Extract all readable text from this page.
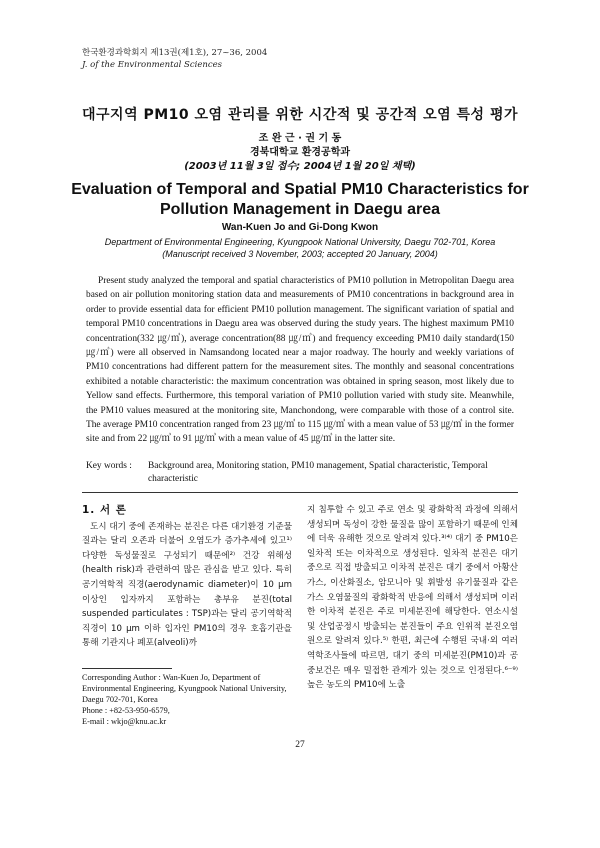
한국환경과학회지 제13권(제1호), 27~36, 2004
J. of the Environmental Sciences
대구지역 PM10 오염 관리를 위한 시간적 및 공간적 오염 특성 평가
조 완 근 · 권 기 동
경북대학교 환경공학과
(2003년 11월 3일 접수; 2004년 1월 20일 채택)
Evaluation of Temporal and Spatial PM10 Characteristics for
Pollution Management in Daegu area
Wan-Kuen Jo and Gi-Dong Kwon
Department of Environmental Engineering, Kyungpook National University, Daegu 702-701, Korea
(Manuscript received 3 November, 2003; accepted 20 January, 2004)

Present study analyzed the temporal and spatial characteristics of PM10 pollution in Metropolitan Daegu area based on air pollution monitoring station data and measurements of PM10 concentrations in background area in order to provide essential data for efficient PM10 pollution management. The significant variation of spatial and temporal PM10 concentrations in Daegu area was observed during the study years. The highest maximum PM10 concentration(332 ㎍/㎥), average concentration(88 ㎍/㎥) and frequency exceeding PM10 daily standard(150 ㎍/㎥) were all observed in Namsandong located near a major roadway. The hourly and weekly variations of PM10 concentrations had different pattern for the measurement sites. The monthly and seasonal concentrations exhibited a notable characteristic: the maximum concentration was obtained in spring season, most likely due to Yellow sand effects. Furthermore, this temporal variation of PM10 pollution varied with study site. Meanwhile, the PM10 values measured at the monitoring site, Manchondong, were comparable with those of a control site. The average PM10 concentration ranged from 23 ㎍/㎥ to 115 ㎍/㎥ with a mean value of 53 ㎍/㎥ in the former site and from 22 ㎍/㎥ to 91 ㎍/㎥ with a mean value of 45 ㎍/㎥ in the latter site.

Key words :	Background area, Monitoring station, PM10 management, Spatial characteristic, Temporal characteristic
1. 서 론

도시 대기 중에 존재하는 분진은 다른 대기환경 기준물질과는 달리 오존과 더불어 오염도가 증가추세에 있고¹⁾ 다양한 독성물질로 구성되기 때문에²⁾ 건강 위해성(health risk)과 관련하여 많은 관심을 받고 있다. 특히 공기역학적 직경(aerodynamic diameter)이 10 μm 이상인 입자까지 포함하는 총부유 분진(total suspended particulates : TSP)과는 달리 공기역학적 직경이 10 μm 이하 입자인 PM10의 경우 호흡기관을 통해 기관지나 폐포(alveoli)까

지 침투할 수 있고 주로 연소 및 광화학적 과정에 의해서 생성되며 독성이 강한 물질을 많이 포함하기 때문에 인체에 더욱 유해한 것으로 알려져 있다.³⁾⁴⁾ 대기 중 PM10은 일차적 또는 이차적으로 생성된다. 일차적 분진은 대기 중으로 직접 방출되고 이차적 분진은 대기 중에서 아황산가스, 이산화질소, 암모니아 및 휘발성 유기물질과 같은 가스 오염물질의 광화학적 반응에 의해서 생성되며 이러한 이차적 분진은 주로 미세분진에 해당한다. 연소시설 및 산업공정시 방출되는 분진들이 주요 인위적 분진오염원으로 알려져 있다.⁵⁾ 한편, 최근에 수행된 국내·외 여러 역학조사들에 따르면, 대기 중의 미세분진(PM10)과 공중보건은 매우 밀접한 관계가 있는 것으로 인정된다.⁶⁻⁹⁾ 높은 농도의 PM10에 노출

Corresponding Author : Wan-Kuen Jo, Department of
Environmental Engineering, Kyungpook National University,
Daegu 702-701, Korea
Phone : +82-53-950-6579,
E-mail : wkjo@knu.ac.kr
27
